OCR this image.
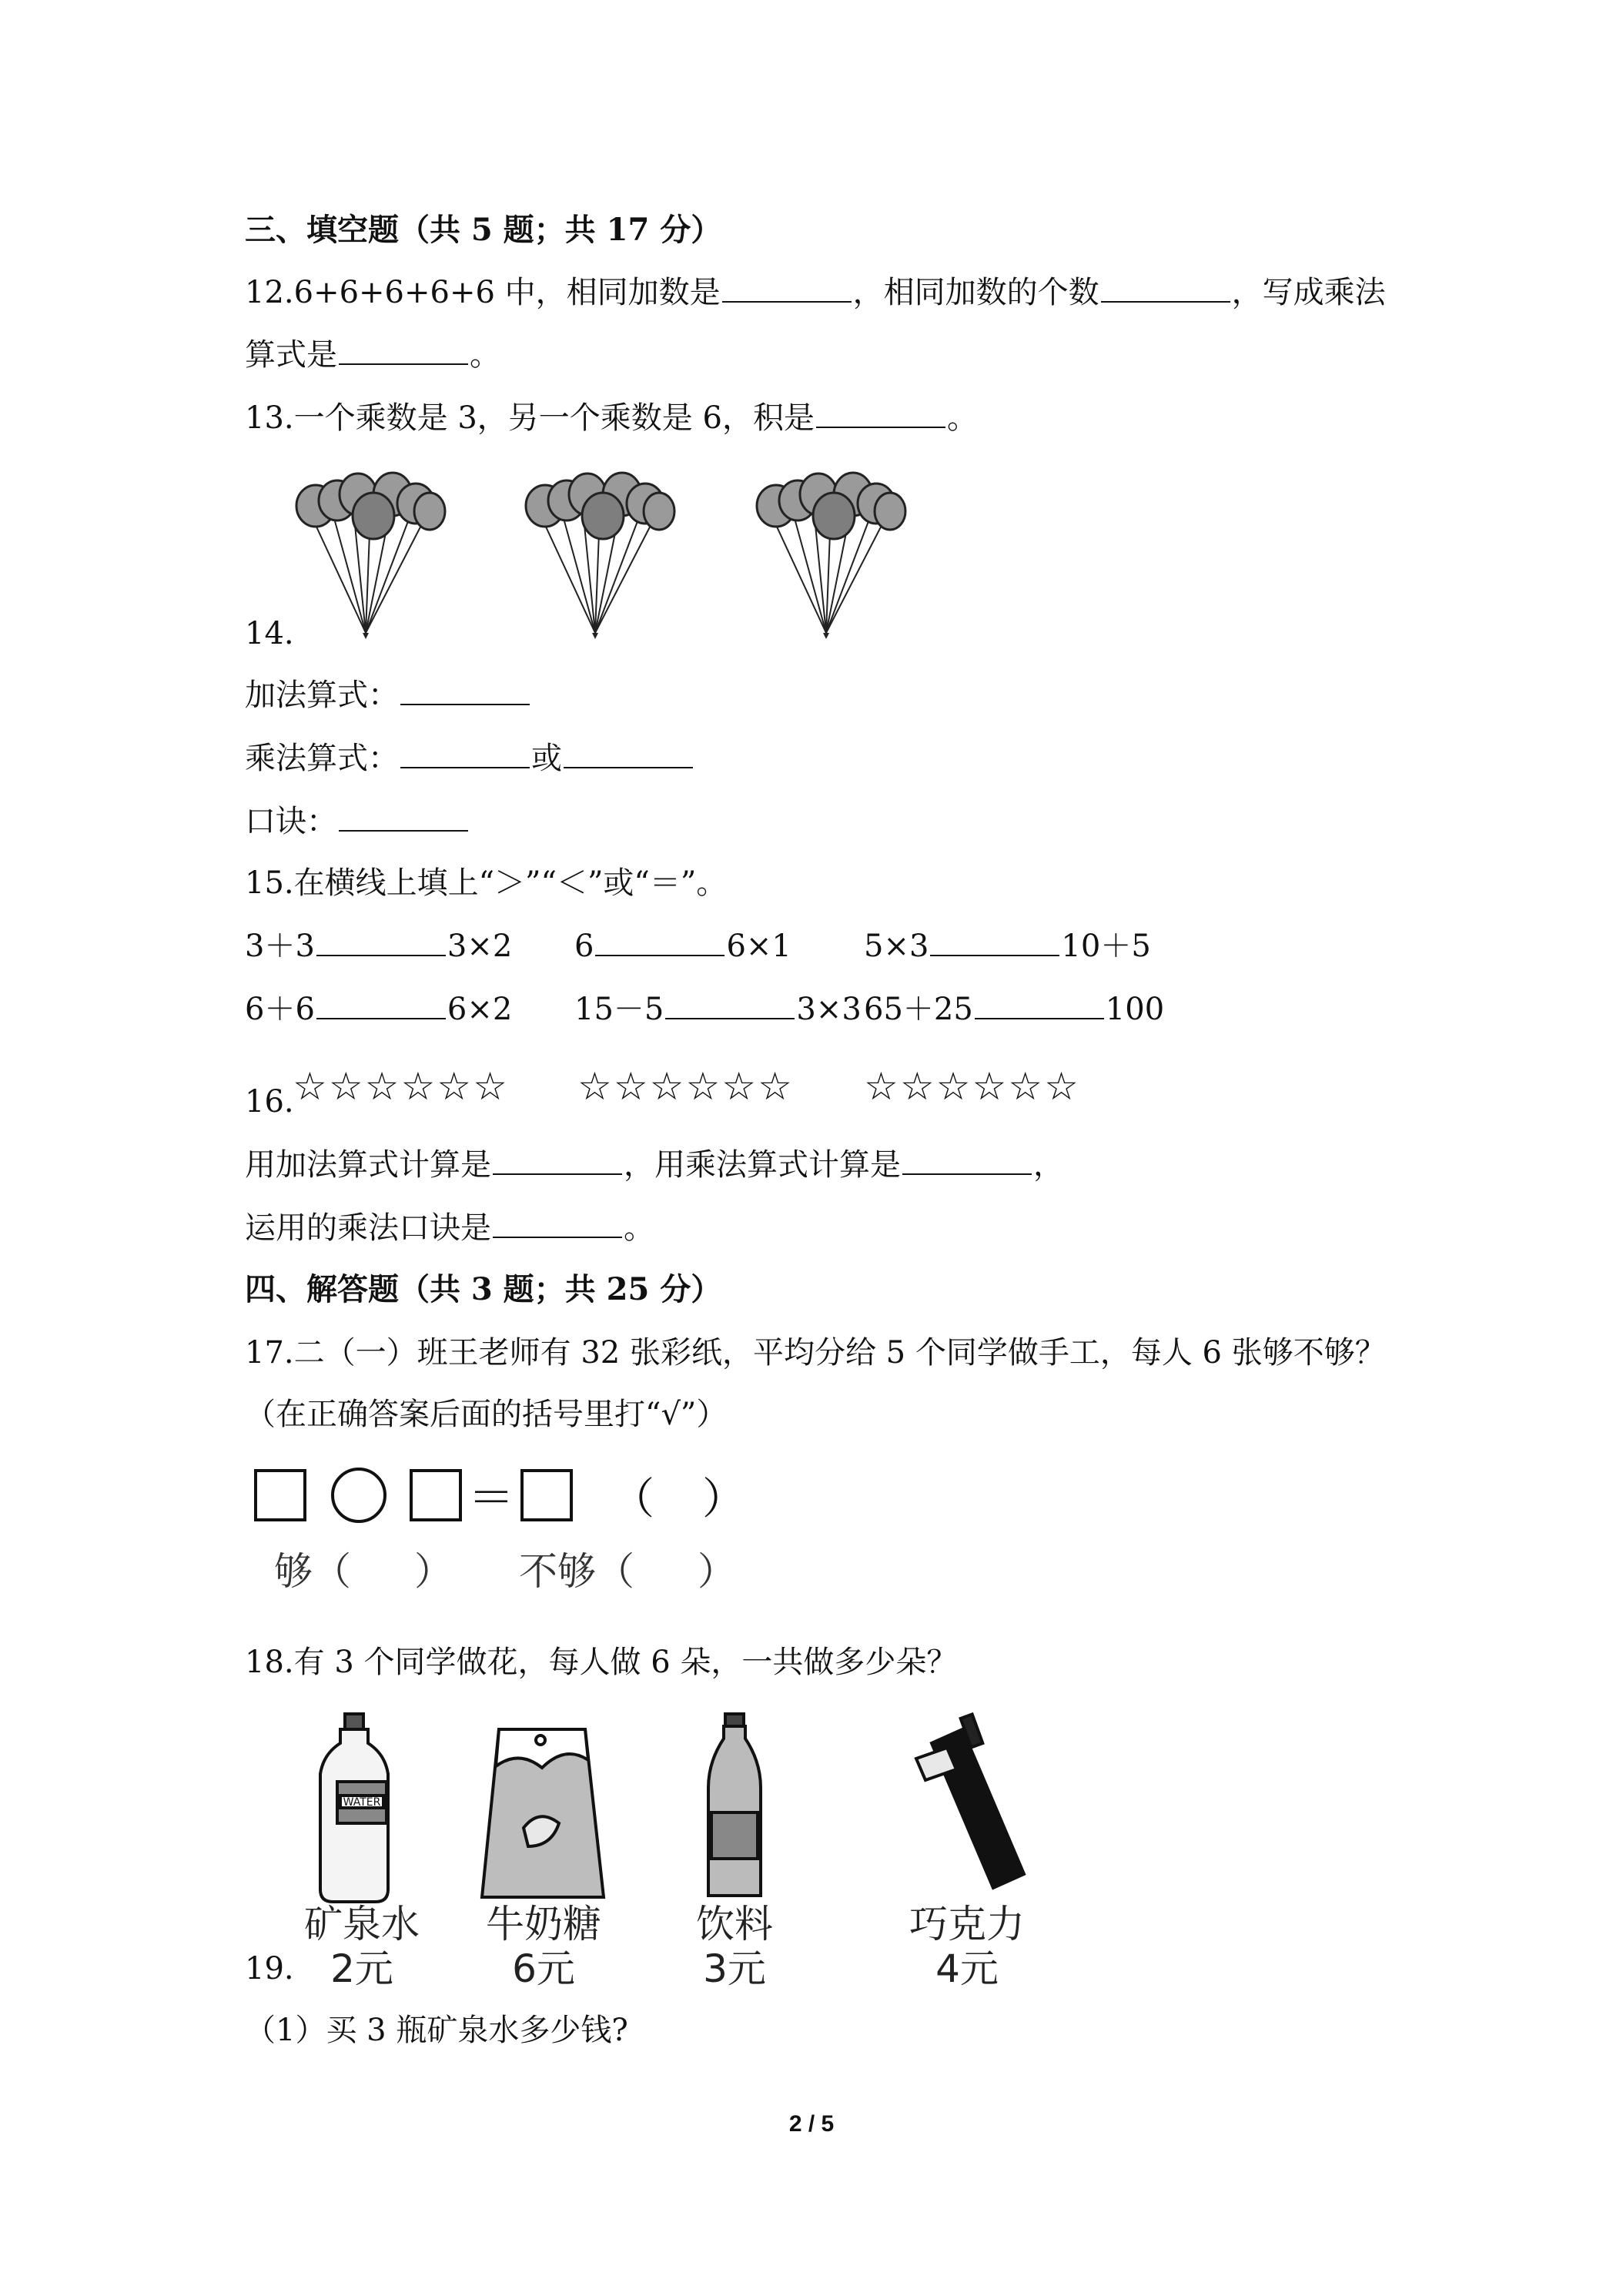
三、填空题（共 5 题；共 17 分）
12.6+6+6+6+6 中，相同加数是	，相同加数的个数	，写成乘法
算式是	。
13.一个乘数是 3，另一个乘数是 6，积是	。
14.
加法算式：
乘法算式：	或
口诀：
15.在横线上填上“＞”“＜”或“＝”。
3＋3	3×2 6	6×1 5×3	10＋5
6＋6	6×2 15－5	3×3 65＋25	100
16.
☆☆☆☆☆☆ ☆☆☆☆☆☆ ☆☆☆☆☆☆
用加法算式计算是	，用乘法算式计算是	，
运用的乘法口诀是	。
四、解答题（共 3 题；共 25 分）
17.二（一）班王老师有 32 张彩纸，平均分给 5 个同学做手工，每人 6 张够不够？
（在正确答案后面的括号里打“√”）
＝ （ ）
够（ ） 不够（ ）
18.有 3 个同学做花，每人做 6 朵，一共做多少朵？
WATER
矿泉水
2元
牛奶糖
6元
饮料
3元
巧克力
4元
19.
（1）买 3 瓶矿泉水多少钱?
2 / 5
